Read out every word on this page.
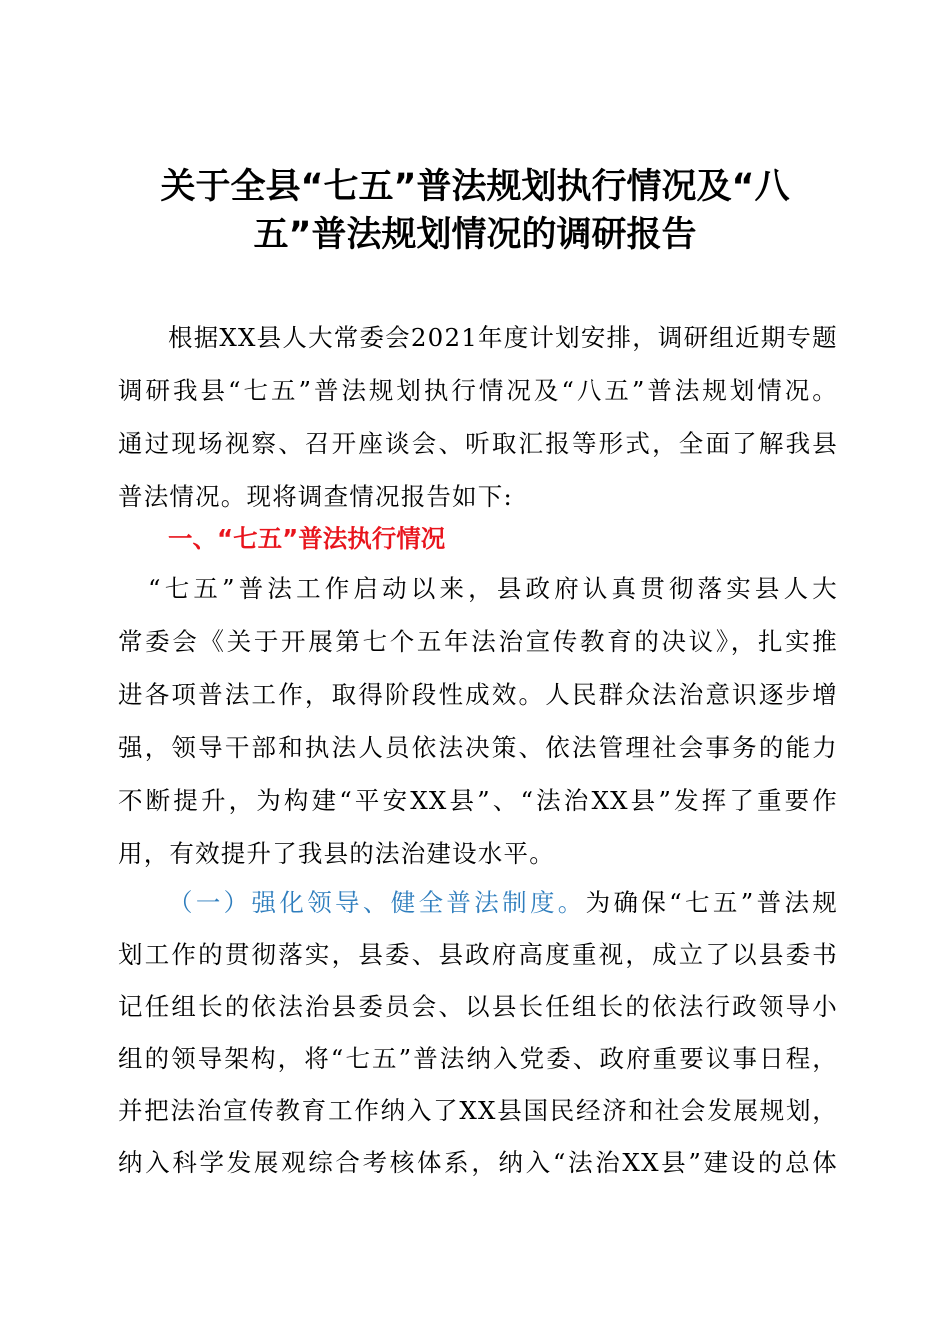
关于全县“七五”普法规划执行情况及“八
五”普法规划情况的调研报告
根据XX县人大常委会2021年度计划安排，调研组近期专题
调研我县“七五”普法规划执行情况及“八五”普法规划情况。
通过现场视察、召开座谈会、听取汇报等形式，全面了解我县
普法情况。现将调查情况报告如下:
一、“七五”普法执行情况
“七五”普法工作启动以来，县政府认真贯彻落实县人大
常委会《关于开展第七个五年法治宣传教育的决议》，扎实推
进各项普法工作，取得阶段性成效。人民群众法治意识逐步增
强，领导干部和执法人员依法决策、依法管理社会事务的能力
不断提升，为构建“平安XX县”、“法治XX县”发挥了重要作
用，有效提升了我县的法治建设水平。
（一）强化领导、健全普法制度。为确保“七五”普法规
划工作的贯彻落实，县委、县政府高度重视，成立了以县委书
记任组长的依法治县委员会、以县长任组长的依法行政领导小
组的领导架构，将“七五”普法纳入党委、政府重要议事日程，
并把法治宣传教育工作纳入了XX县国民经济和社会发展规划，
纳入科学发展观综合考核体系，纳入“法治XX县”建设的总体
